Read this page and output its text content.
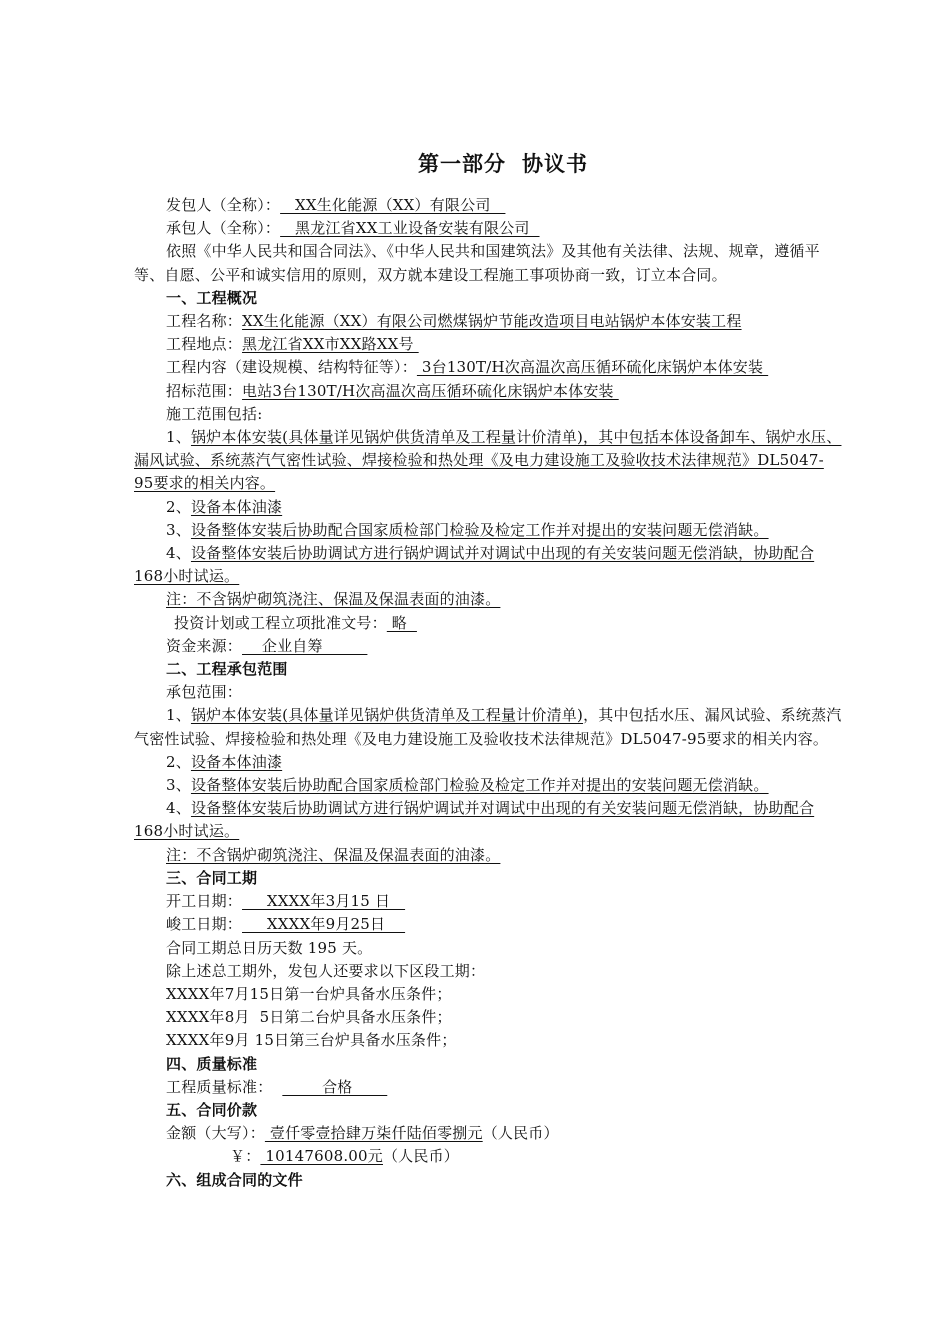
第一部分 协议书

发包人（全称）：   XX生化能源（XX）有限公司

承包人（全称）：   黑龙江省XX工业设备安装有限公司

依照《中华人民共和国合同法》、《中华人民共和国建筑法》及其他有关法律、法规、规章，遵循平等、自愿、公平和诚实信用的原则，双方就本建设工程施工事项协商一致，订立本合同。

一、工程概况

工程名称：XX生化能源（XX）有限公司燃煤锅炉节能改造项目电站锅炉本体安装工程

工程地点：黑龙江省XX市XX路XX号

工程内容（建设规模、结构特征等）： 3台130T/H次高温次高压循环硫化床锅炉本体安装

招标范围：电站3台130T/H次高温次高压循环硫化床锅炉本体安装

施工范围包括:

1、锅炉本体安装(具体量详见锅炉供货清单及工程量计价清单)，其中包括本体设备卸车、锅炉水压、漏风试验、系统蒸汽气密性试验、焊接检验和热处理《及电力建设施工及验收技术法律规范》DL5047-95要求的相关内容。

2、设备本体油漆

3、设备整体安装后协助配合国家质检部门检验及检定工作并对提出的安装问题无偿消缺。

4、设备整体安装后协助调试方进行锅炉调试并对调试中出现的有关安装问题无偿消缺，协助配合168小时试运。

注：不含锅炉砌筑浇注、保温及保温表面的油漆。

投资计划或工程立项批准文号： 略

资金来源：    企业自筹

二、工程承包范围

承包范围：

1、锅炉本体安装(具体量详见锅炉供货清单及工程量计价清单)，其中包括水压、漏风试验、系统蒸汽气密性试验、焊接检验和热处理《及电力建设施工及验收技术法律规范》DL5047-95要求的相关内容。

2、设备本体油漆

3、设备整体安装后协助配合国家质检部门检验及检定工作并对提出的安装问题无偿消缺。

4、设备整体安装后协助调试方进行锅炉调试并对调试中出现的有关安装问题无偿消缺，协助配合168小时试运。

注：不含锅炉砌筑浇注、保温及保温表面的油漆。

三、合同工期

开工日期：     XXXX年3月15 日

峻工日期：     XXXX年9月25日

合同工期总日历天数 195 天。

除上述总工期外，发包人还要求以下区段工期：

XXXX年7月15日第一台炉具备水压条件；

XXXX年8月  5日第二台炉具备水压条件；

XXXX年9月 15日第三台炉具备水压条件；

四、质量标准

工程质量标准：          合格

五、合同价款

金额（大写）： 壹仟零壹拾肆万柒仟陆佰零捌元（人民币）

￥： 10147608.00元（人民币）

六、组成合同的文件
